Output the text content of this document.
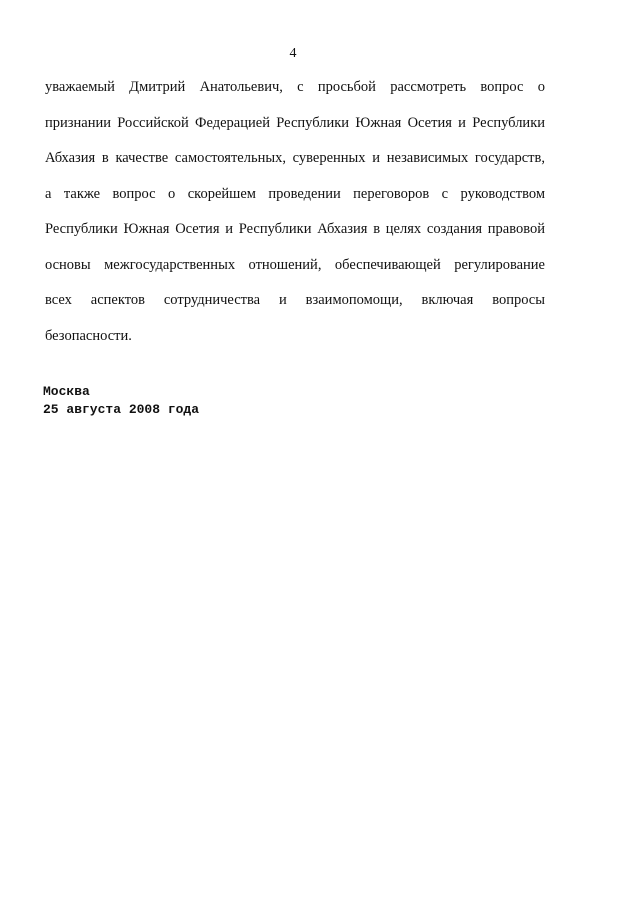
4
уважаемый Дмитрий Анатольевич, с просьбой рассмотреть вопрос о
признании Российской Федерацией Республики Южная Осетия и Республики
Абхазия в качестве самостоятельных, суверенных и независимых государств,
а также вопрос о скорейшем проведении переговоров с руководством
Республики Южная Осетия и Республики Абхазия в целях создания правовой
основы межгосударственных отношений, обеспечивающей регулирование
всех аспектов сотрудничества и взаимопомощи, включая вопросы
безопасности.
Москва
25 августа 2008 года
